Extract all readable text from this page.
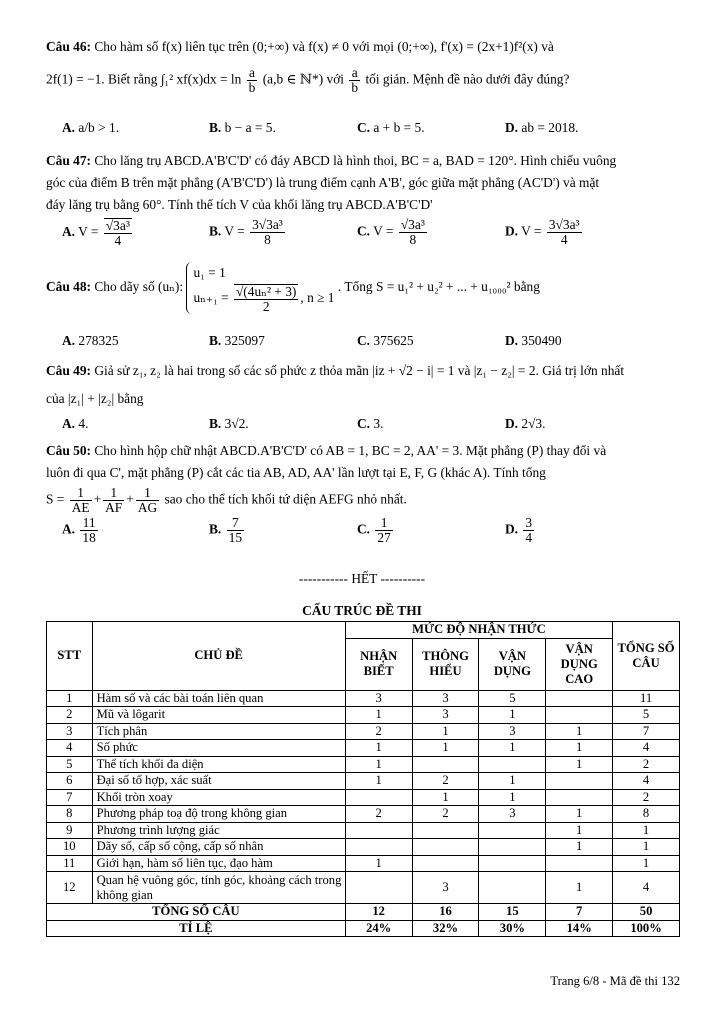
Câu 46: Cho hàm số f(x) liên tục trên (0;+∞) và f(x) ≠ 0 với mọi (0;+∞), f'(x) = (2x+1)f²(x) và
2f(1) = −1. Biết rằng ∫₁² $xf(x)dx = \ln \frac{a}{b} (a,b$ ∈ ℕ*) với $\frac{a}{b}$ tối giản. Mệnh đề nào dưới đây đúng?
A. a/b > 1.	B. b − a = 5.	C. a + b = 5.	D. ab = 2018.
Câu 47: Cho lăng trụ ABCD.A'B'C'D' có đáy ABCD là hình thoi, BC = a, BAD = 120°. Hình chiếu vuông
góc của điểm B trên mặt phẳng (A'B'C'D') là trung điểm cạnh A'B', góc giữa mặt phẳng (AC'D') và mặt
đáy lăng trụ bằng 60°. Tính thể tích V của khối lăng trụ ABCD.A'B'C'D'
A. $V = \frac{\text{√3a³}}{4}$	B. $V = \frac{\text{3√3a³}}{8}$	C. $V = \frac{\text{√3a³}}{8}$	D. $V = \frac{\text{3√3a³}}{4}$
Câu 48: Cho dãy số (uₙ):
u₁ = 1
$u_{n+1} = \frac{\text{√(4uₙ² + 3)}}{2}$ , n ≥ 1
. Tổng S = u₁² + u₂² + ... + u₁₀₀₀² bằng
A. 278325	B. 325097	C. 375625	D. 350490
Câu 49: Giả sử z₁, z₂ là hai trong số các số phức z thỏa mãn |iz + √2 − i| = 1 và |z₁ − z₂| = 2. Giá trị lớn nhất
của |z₁| + |z₂| bằng
A. 4.	B. 3√2.	C. 3.	D. 2√3.
Câu 50: Cho hình hộp chữ nhật ABCD.A'B'C'D' có AB = 1, BC = 2, AA' = 3. Mặt phẳng (P) thay đổi và
luôn đi qua C', mặt phẳng (P) cắt các tia AB, AD, AA' lần lượt tại E, F, G (khác A). Tính tổng
$S = \frac{1}{AE} + \frac{1}{AF} + \frac{1}{AG}$ sao cho thể tích khối tứ diện AEFG nhỏ nhất.
A. $\frac{11}{18}$	B. $\frac{7}{15}$	C. $\frac{1}{27}$	D. $\frac{3}{4}$
----------- HẾT ----------
CẤU TRÚC ĐỀ THI
STT	CHỦ ĐỀ	MỨC ĐỘ NHẬN THỨC				TỔNG SỐ CÂU
		NHẬN BIẾT	THÔNG HIỂU	VẬN DỤNG	VẬN DỤNG CAO	
1	Hàm số và các bài toán liên quan	3	3	5		11
2	Mũ và lôgarit	1	3	1		5
3	Tích phân	2	1	3	1	7
4	Số phức	1	1	1	1	4
5	Thể tích khối đa diện	1			1	2
6	Đại số tổ hợp, xác suất	1	2	1		4
7	Khối tròn xoay		1	1		2
8	Phương pháp toạ độ trong không gian	2	2	3	1	8
9	Phương trình lượng giác				1	1
10	Dãy số, cấp số cộng, cấp số nhân				1	1
11	Giới hạn, hàm số liên tục, đạo hàm	1				1
12	Quan hệ vuông góc, tính góc, khoảng cách trong không gian		3		1	4
TỔNG SỐ CÂU		12	16	15	7	50
TỈ LỆ		24%	32%	30%	14%	100%
Trang 6/8 - Mã đề thi 132
